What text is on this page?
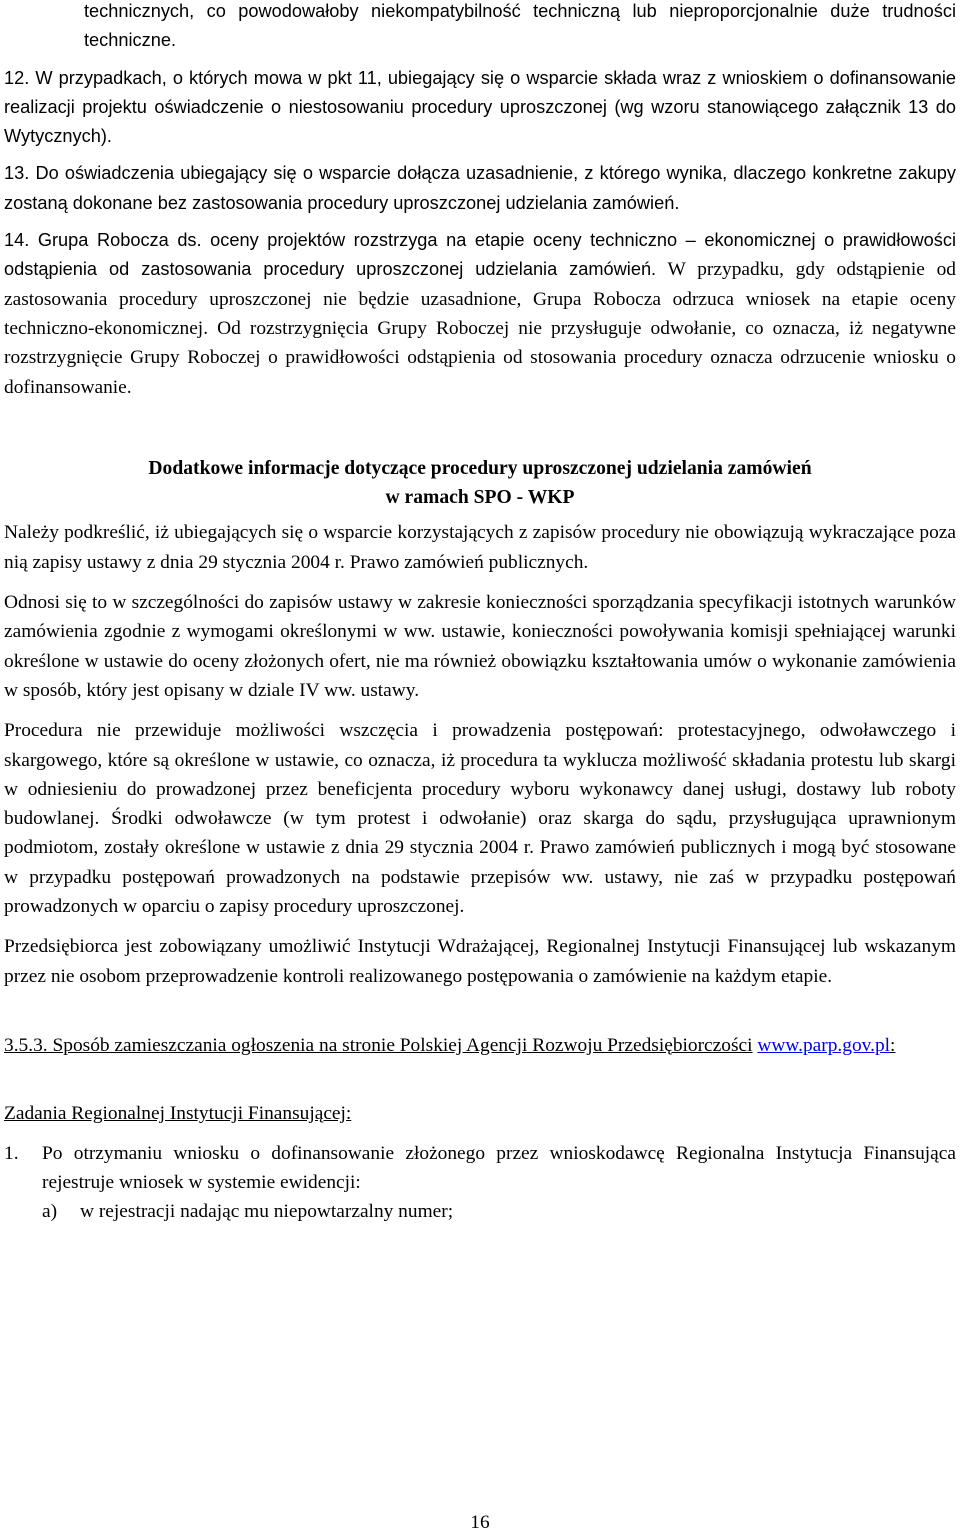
technicznych, co powodowałoby niekompatybilność techniczną lub nieproporcjonalnie duże trudności techniczne.

12. W przypadkach, o których mowa w pkt 11, ubiegający się o wsparcie składa wraz z wnioskiem o dofinansowanie realizacji projektu oświadczenie o niestosowaniu procedury uproszczonej (wg wzoru stanowiącego załącznik 13 do Wytycznych).

13. Do oświadczenia ubiegający się o wsparcie dołącza uzasadnienie, z którego wynika, dlaczego konkretne zakupy zostaną dokonane bez zastosowania procedury uproszczonej udzielania zamówień.

14. Grupa Robocza ds. oceny projektów rozstrzyga na etapie oceny techniczno – ekonomicznej o prawidłowości odstąpienia od zastosowania procedury uproszczonej udzielania zamówień. W przypadku, gdy odstąpienie od zastosowania procedury uproszczonej nie będzie uzasadnione, Grupa Robocza odrzuca wniosek na etapie oceny techniczno-ekonomicznej. Od rozstrzygnięcia Grupy Roboczej nie przysługuje odwołanie, co oznacza, iż negatywne rozstrzygnięcie Grupy Roboczej o prawidłowości odstąpienia od stosowania procedury oznacza odrzucenie wniosku o dofinansowanie.

Dodatkowe informacje dotyczące procedury uproszczonej udzielania zamówień
w ramach SPO - WKP

Należy podkreślić, iż ubiegających się o wsparcie korzystających z zapisów procedury nie obowiązują wykraczające poza nią zapisy ustawy z dnia 29 stycznia 2004 r. Prawo zamówień publicznych.

Odnosi się to w szczególności do zapisów ustawy w zakresie konieczności sporządzania specyfikacji istotnych warunków zamówienia zgodnie z wymogami określonymi w ww. ustawie, konieczności powoływania komisji spełniającej warunki określone w ustawie do oceny złożonych ofert, nie ma również obowiązku kształtowania umów o wykonanie zamówienia w sposób, który jest opisany w dziale IV ww. ustawy.

Procedura nie przewiduje możliwości wszczęcia i prowadzenia postępowań: protestacyjnego, odwoławczego i skargowego, które są określone w ustawie, co oznacza, iż procedura ta wyklucza możliwość składania protestu lub skargi w odniesieniu do prowadzonej przez beneficjenta procedury wyboru wykonawcy danej usługi, dostawy lub roboty budowlanej. Środki odwoławcze (w tym protest i odwołanie) oraz skarga do sądu, przysługująca uprawnionym podmiotom, zostały określone w ustawie z dnia 29 stycznia 2004 r. Prawo zamówień publicznych i mogą być stosowane w przypadku postępowań prowadzonych na podstawie przepisów ww. ustawy, nie zaś w przypadku postępowań prowadzonych w oparciu o zapisy procedury uproszczonej.

Przedsiębiorca jest zobowiązany umożliwić Instytucji Wdrażającej, Regionalnej Instytucji Finansującej lub wskazanym przez nie osobom przeprowadzenie kontroli realizowanego postępowania o zamówienie na każdym etapie.

3.5.3. Sposób zamieszczania ogłoszenia na stronie Polskiej Agencji Rozwoju Przedsiębiorczości www.parp.gov.pl:

Zadania Regionalnej Instytucji Finansującej:

1.	Po otrzymaniu wniosku o dofinansowanie złożonego przez wnioskodawcę Regionalna Instytucja Finansująca rejestruje wniosek w systemie ewidencji:
a)	w rejestracji nadając mu niepowtarzalny numer;
16
